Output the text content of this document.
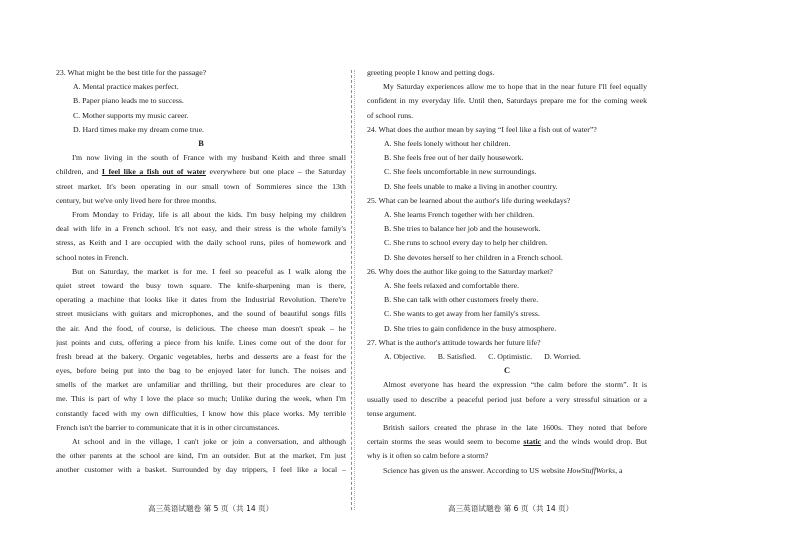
23. What might be the best title for the passage?
A. Mental practice makes perfect.
B. Paper piano leads me to success.
C. Mother supports my music career.
D. Hard times make my dream come true.
B
I'm now living in the south of France with my husband Keith and three small
children, and I feel like a fish out of water everywhere but one place – the Saturday
street market. It's been operating in our small town of Sommieres since the 13th
century, but we've only lived here for three months.
From Monday to Friday, life is all about the kids. I'm busy helping my children
deal with life in a French school. It's not easy, and their stress is the whole family's
stress, as Keith and I are occupied with the daily school runs, piles of homework and
school notes in French.
But on Saturday, the market is for me. I feel so peaceful as I walk along the
quiet street toward the busy town square. The knife-sharpening man is there,
operating a machine that looks like it dates from the Industrial Revolution. There're
street musicians with guitars and microphones, and the sound of beautiful songs fills
the air. And the food, of course, is delicious. The cheese man doesn't speak – he
just points and cuts, offering a piece from his knife. Lines come out of the door for
fresh bread at the bakery. Organic vegetables, herbs and desserts are a feast for the
eyes, before being put into the bag to be enjoyed later for lunch. The noises and
smells of the market are unfamiliar and thrilling, but their procedures are clear to
me. This is part of why I love the place so much; Unlike during the week, when I'm
constantly faced with my own difficulties, I know how this place works. My terrible
French isn't the barrier to communicate that it is in other circumstances.
At school and in the village, I can't joke or join a conversation, and although
the other parents at the school are kind, I'm an outsider. But at the market, I'm just
another customer with a basket. Surrounded by day trippers, I feel like a local –
高三英语试题卷 第 5 页（共 14 页）
greeting people I know and petting dogs.
My Saturday experiences allow me to hope that in the near future I'll feel equally
confident in my everyday life. Until then, Saturdays prepare me for the coming week
of school runs.
24. What does the author mean by saying “I feel like a fish out of water”?
A. She feels lonely without her children.
B. She feels free out of her daily housework.
C. She feels uncomfortable in new surroundings.
D. She feels unable to make a living in another country.
25. What can be learned about the author's life during weekdays?
A. She learns French together with her children.
B. She tries to balance her job and the housework.
C. She runs to school every day to help her children.
D. She devotes herself to her children in a French school.
26. Why does the author like going to the Saturday market?
A. She feels relaxed and comfortable there.
B. She can talk with other customers freely there.
C. She wants to get away from her family's stress.
D. She tries to gain confidence in the busy atmosphere.
27. What is the author's attitude towards her future life?
A. Objective. B. Satisfied. C. Optimistic. D. Worried.
C
Almost everyone has heard the expression “the calm before the storm”. It is
usually used to describe a peaceful period just before a very stressful situation or a
tense argument.
British sailors created the phrase in the late 1600s. They noted that before
certain storms the seas would seem to become static and the winds would drop. But
why is it often so calm before a storm?
Science has given us the answer. According to US website HowStuffWorks, a
高三英语试题卷 第 6 页（共 14 页）
